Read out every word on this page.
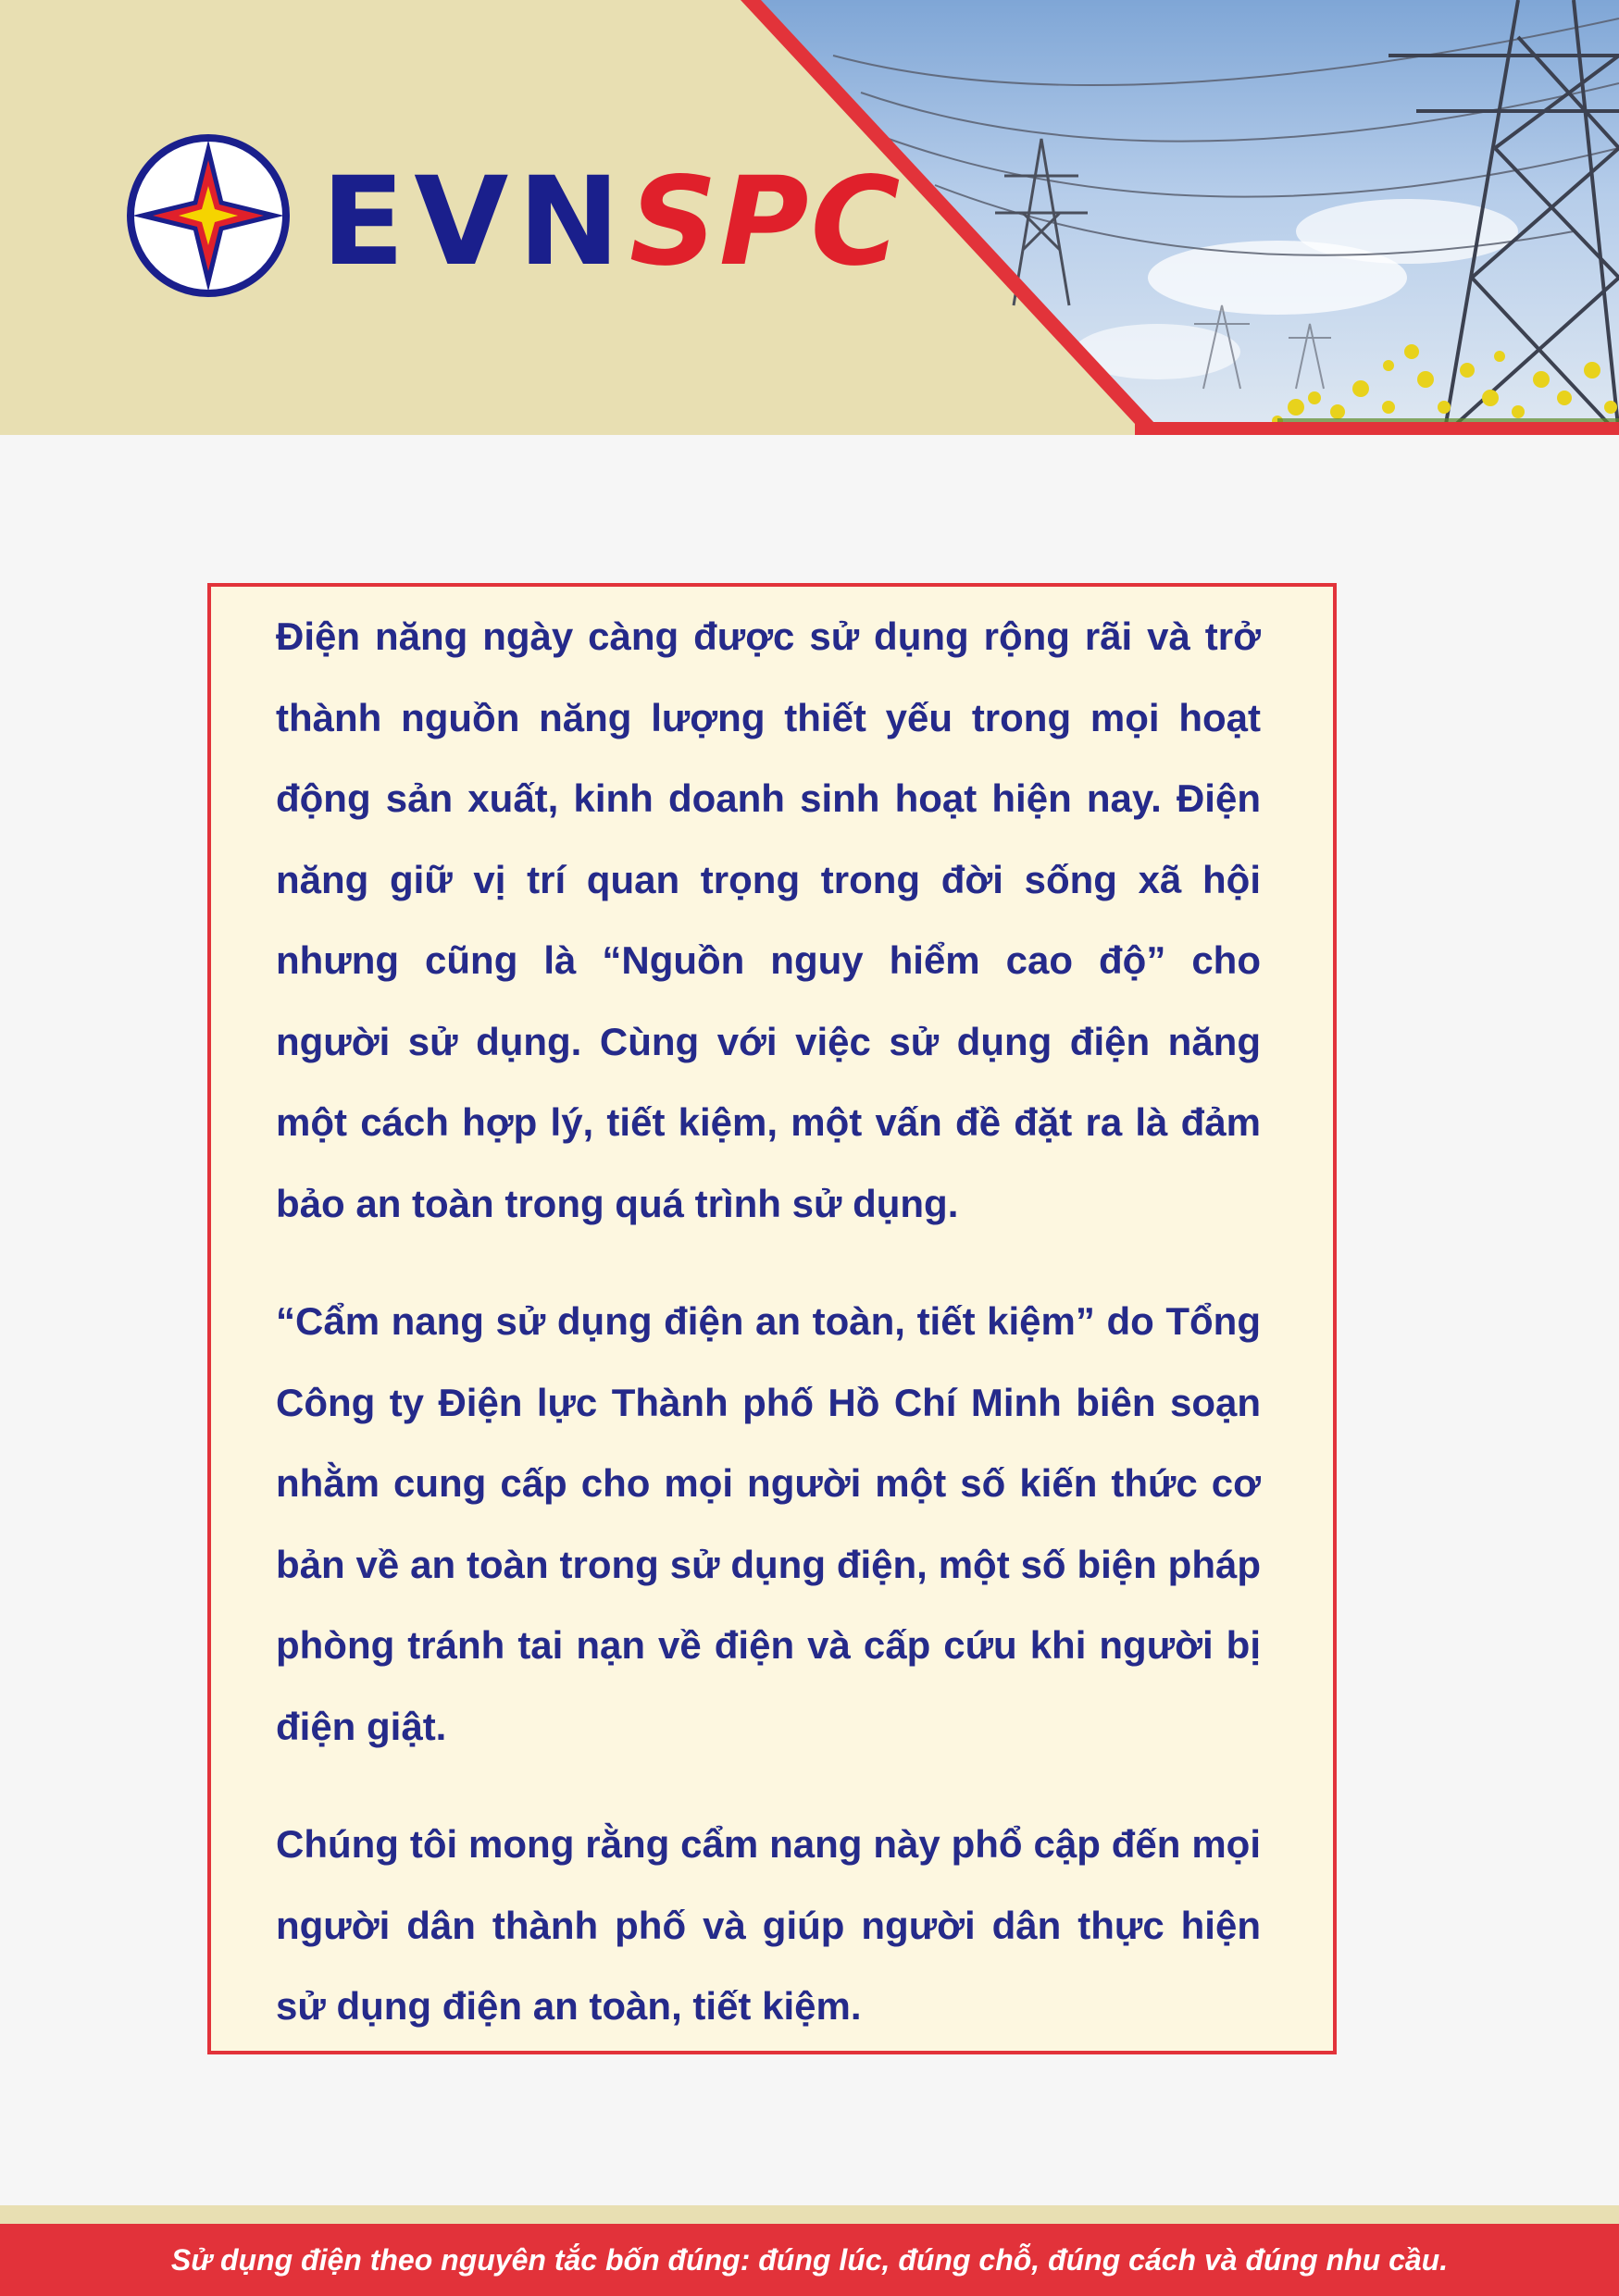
EVNSPC

Điện năng ngày càng được sử dụng rộng rãi và trở thành nguồn năng lượng thiết yếu trong mọi hoạt động sản xuất, kinh doanh sinh hoạt hiện nay. Điện năng giữ vị trí quan trọng trong đời sống xã hội nhưng cũng là “Nguồn nguy hiểm cao độ” cho người sử dụng. Cùng với việc sử dụng điện năng một cách hợp lý, tiết kiệm, một vấn đề đặt ra là đảm bảo an toàn trong quá trình sử dụng.

“Cẩm nang sử dụng điện an toàn, tiết kiệm” do Tổng Công ty Điện lực Thành phố Hồ Chí Minh biên soạn nhằm cung cấp cho mọi người một số kiến thức cơ bản về an toàn trong sử dụng điện, một số biện pháp phòng tránh tai nạn về điện và cấp cứu khi người bị điện giật.

Chúng tôi mong rằng cẩm nang này phổ cập đến mọi người dân thành phố và giúp người dân thực hiện sử dụng điện an toàn, tiết kiệm.

Sử dụng điện theo nguyên tắc bốn đúng: đúng lúc, đúng chỗ, đúng cách và đúng nhu cầu.
